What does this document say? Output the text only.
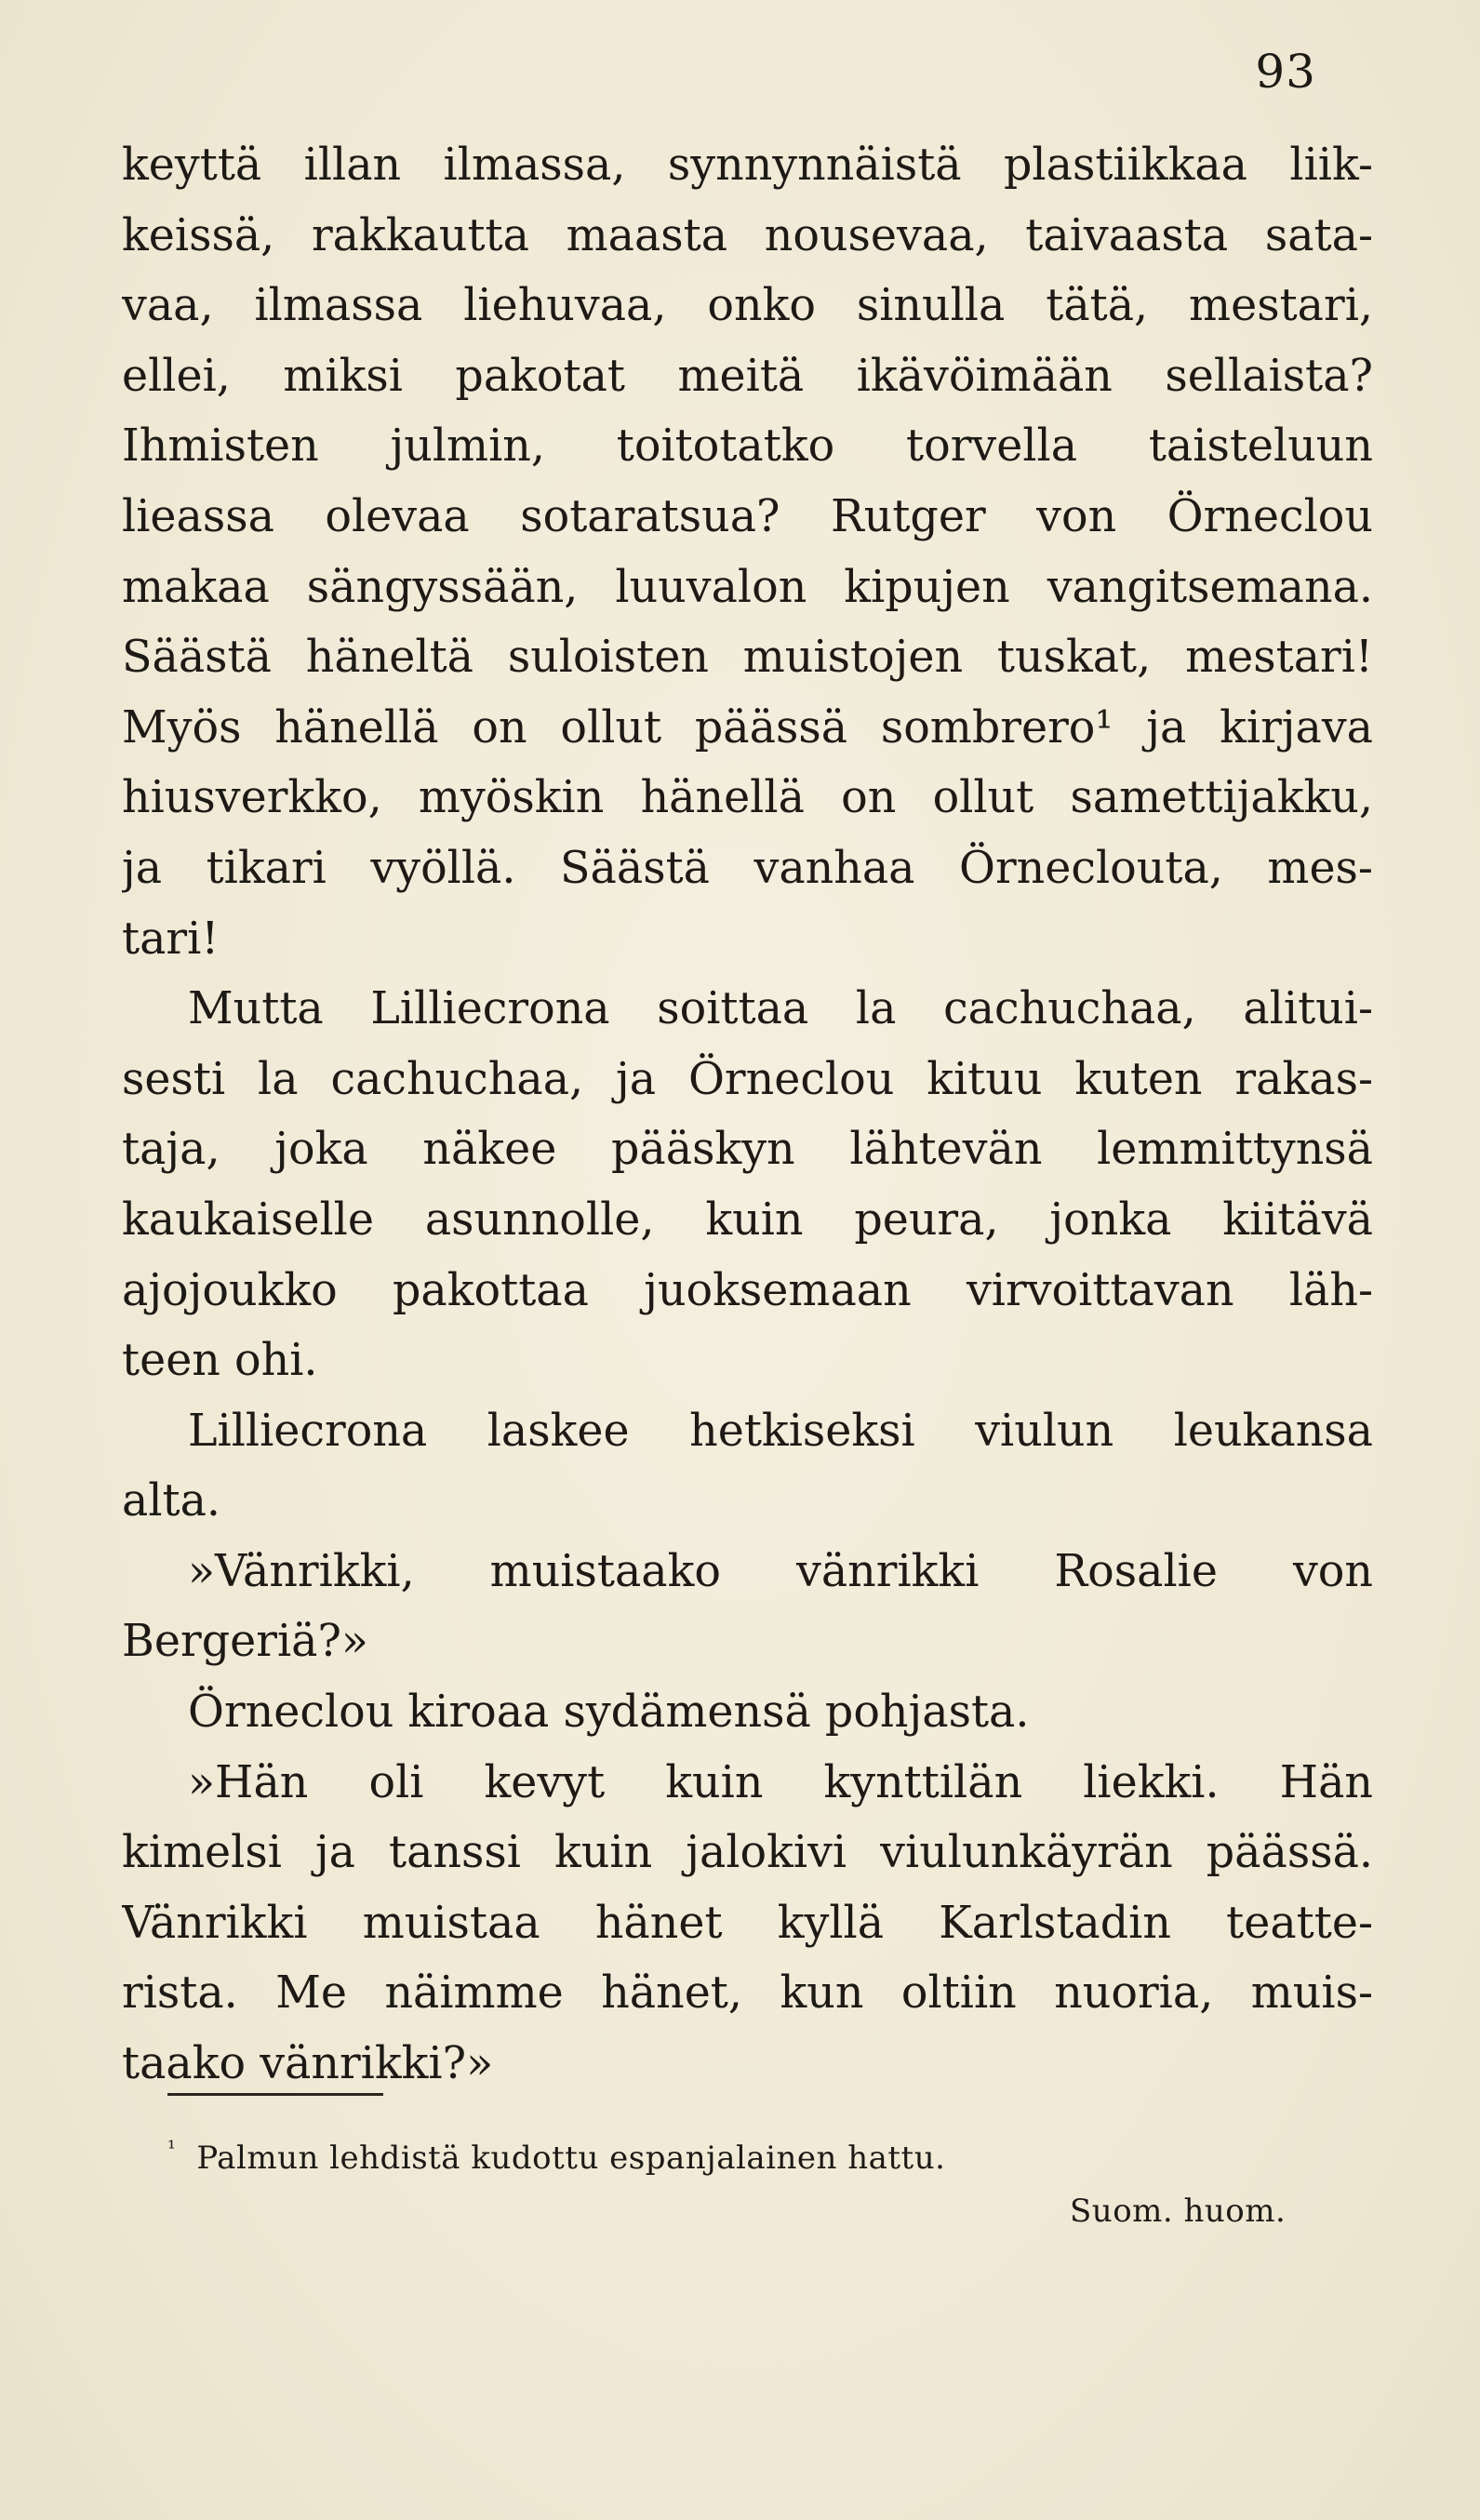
93
keyttä illan ilmassa, synnynnäistä plastiikkaa liik-
keissä, rakkautta maasta nousevaa, taivaasta sata-
vaa, ilmassa liehuvaa, onko sinulla tätä, mestari,
ellei, miksi pakotat meitä ikävöimään sellaista?
Ihmisten julmin, toitotatko torvella taisteluun
lieassa olevaa sotaratsua? Rutger von Örneclou
makaa sängyssään, luuvalon kipujen vangitsemana.
Säästä häneltä suloisten muistojen tuskat, mestari!
Myös hänellä on ollut päässä sombrero¹ ja kirjava
hiusverkko, myöskin hänellä on ollut samettijakku,
ja tikari vyöllä. Säästä vanhaa Örneclouta, mes-
tari!
Mutta Lilliecrona soittaa la cachuchaa, alitui-
sesti la cachuchaa, ja Örneclou kituu kuten rakas-
taja, joka näkee pääskyn lähtevän lemmittynsä
kaukaiselle asunnolle, kuin peura, jonka kiitävä
ajojoukko pakottaa juoksemaan virvoittavan läh-
teen ohi.
Lilliecrona laskee hetkiseksi viulun leukansa
alta.
»Vänrikki, muistaako vänrikki Rosalie von
Bergeriä?»
Örneclou kiroaa sydämensä pohjasta.
»Hän oli kevyt kuin kynttilän liekki. Hän
kimelsi ja tanssi kuin jalokivi viulunkäyrän päässä.
Vänrikki muistaa hänet kyllä Karlstadin teatte-
rista. Me näimme hänet, kun oltiin nuoria, muis-
taako vänrikki?»
$^{^1}$ Palmun lehdistä kudottu espanjalainen hattu.
Suom. huom.
